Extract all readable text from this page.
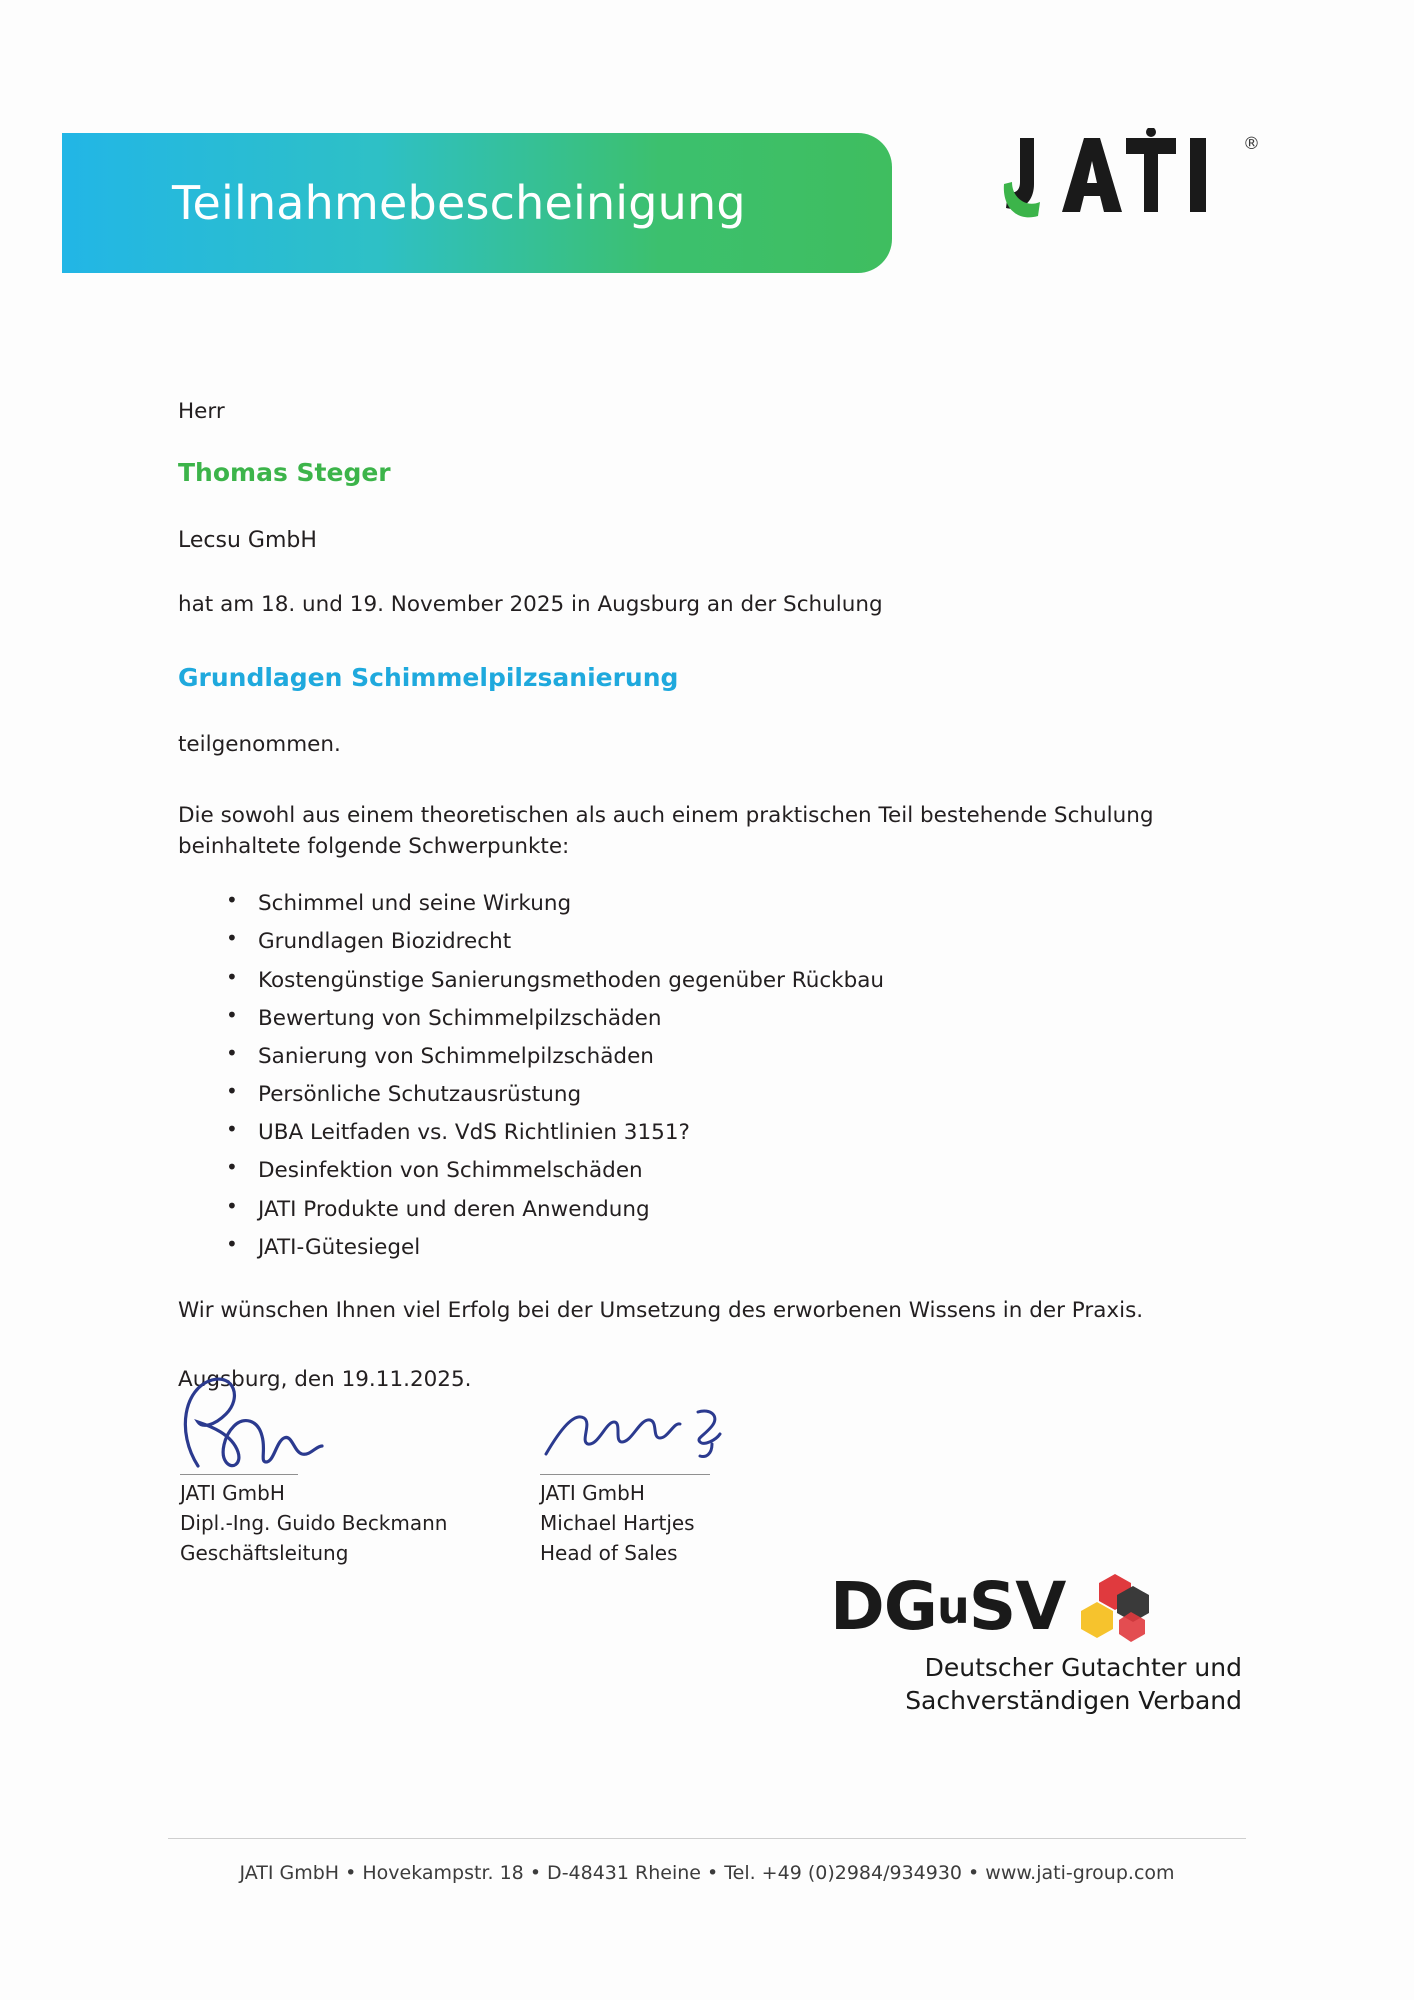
Teilnahmebescheinigung
®

Herr

Thomas Steger

Lecsu GmbH

hat am 18. und 19. November 2025 in Augsburg an der Schulung

Grundlagen Schimmelpilzsanierung

teilgenommen.

Die sowohl aus einem theoretischen als auch einem praktischen Teil bestehende Schulung beinhaltete folgende Schwerpunkte:

• Schimmel und seine Wirkung
• Grundlagen Biozidrecht
• Kostengünstige Sanierungsmethoden gegenüber Rückbau
• Bewertung von Schimmelpilzschäden
• Sanierung von Schimmelpilzschäden
• Persönliche Schutzausrüstung
• UBA Leitfaden vs. VdS Richtlinien 3151?
• Desinfektion von Schimmelschäden
• JATI Produkte und deren Anwendung
• JATI-Gütesiegel

Wir wünschen Ihnen viel Erfolg bei der Umsetzung des erworbenen Wissens in der Praxis.

Augsburg, den 19.11.2025.

JATI GmbH
Dipl.-Ing. Guido Beckmann
Geschäftsleitung
JATI GmbH
Michael Hartjes
Head of Sales
DG u SV
Deutscher Gutachter und
Sachverständigen Verband
JATI GmbH • Hovekampstr. 18 • D-48431 Rheine • Tel. +49 (0)2984/934930 • www.jati-group.com
